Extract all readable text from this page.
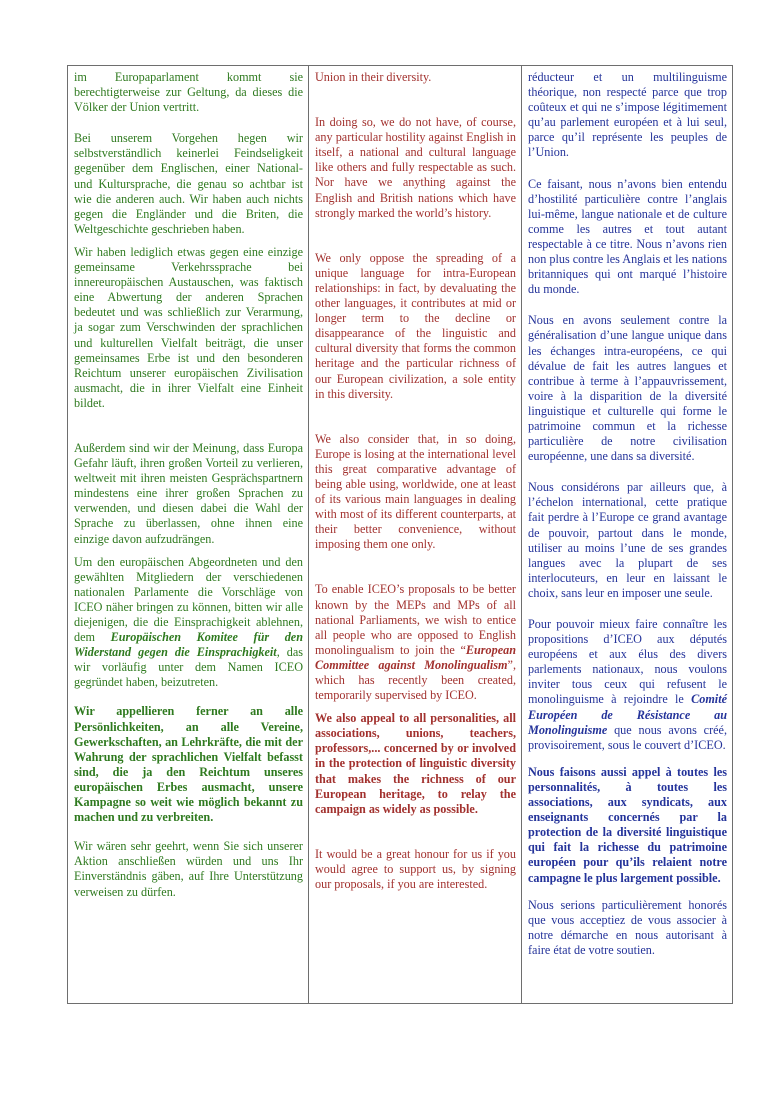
im Europaparlament kommt sie berechtigterweise zur Geltung, da dieses die Völker der Union vertritt.

Bei unserem Vorgehen hegen wir selbstverständlich keinerlei Feindseligkeit gegenüber dem Englischen, einer National- und Kultursprache, die genau so achtbar ist wie die anderen auch. Wir haben auch nichts gegen die Engländer und die Briten, die Weltgeschichte geschrieben haben.

Wir haben lediglich etwas gegen eine einzige gemeinsame Verkehrssprache bei innereuropäischen Austauschen, was faktisch eine Abwertung der anderen Sprachen bedeutet und was schließlich zur Verarmung, ja sogar zum Verschwinden der sprachlichen und kulturellen Vielfalt beiträgt, die unser gemeinsames Erbe ist und den besonderen Reichtum unserer europäischen Zivilisation ausmacht, die in ihrer Vielfalt eine Einheit bildet.

Außerdem sind wir der Meinung, dass Europa Gefahr läuft, ihren großen Vorteil zu verlieren, weltweit mit ihren meisten Gesprächspartnern mindestens eine ihrer großen Sprachen zu verwenden, und diesen dabei die Wahl der Sprache zu überlassen, ohne ihnen eine einzige davon aufzudrängen.

Um den europäischen Abgeordneten und den gewählten Mitgliedern der verschiedenen nationalen Parlamente die Vorschläge von ICEO näher bringen zu können, bitten wir alle diejenigen, die die Einsprachigkeit ablehnen, dem Europäischen Komitee für den Widerstand gegen die Einsprachigkeit, das wir vorläufig unter dem Namen ICEO gegründet haben, beizutreten.

Wir appellieren ferner an alle Persönlichkeiten, an alle Vereine, Gewerkschaften, an Lehrkräfte, die mit der Wahrung der sprachlichen Vielfalt befasst sind, die ja den Reichtum unseres europäischen Erbes ausmacht, unsere Kampagne so weit wie möglich bekannt zu machen und zu verbreiten.

Wir wären sehr geehrt, wenn Sie sich unserer Aktion anschließen würden und uns Ihr Einverständnis gäben, auf Ihre Unterstützung verweisen zu dürfen.

Union in their diversity.

In doing so, we do not have, of course, any particular hostility against English in itself, a national and cultural language like others and fully respectable as such. Nor have we anything against the English and British nations which have strongly marked the world’s history.

We only oppose the spreading of a unique language for intra-European relationships: in fact, by devaluating the other languages, it contributes at mid or longer term to the decline or disappearance of the linguistic and cultural diversity that forms the common heritage and the particular richness of our European civilization, a sole entity in this diversity.

We also consider that, in so doing, Europe is losing at the international level this great comparative advantage of being able using, worldwide, one at least of its various main languages in dealing with most of its different counterparts, at their better convenience, without imposing them one only.

To enable ICEO’s proposals to be better known by the MEPs and MPs of all national Parliaments, we wish to entice all people who are opposed to English monolingualism to join the “European Committee against Monolingualism”, which has recently been created, temporarily supervised by ICEO.

We also appeal to all personalities, all associations, unions, teachers, professors,... concerned by or involved in the protection of linguistic diversity that makes the richness of our European heritage, to relay the campaign as widely as possible.

It would be a great honour for us if you would agree to support us, by signing our proposals, if you are interested.

réducteur et un multilinguisme théorique, non respecté parce que trop coûteux et qui ne s’impose légitimement qu’au parlement européen et à lui seul, parce qu’il représente les peuples de l’Union.

Ce faisant, nous n’avons bien entendu d’hostilité particulière contre l’anglais lui-même, langue nationale et de culture comme les autres et tout autant respectable à ce titre. Nous n’avons rien non plus contre les Anglais et les nations britanniques qui ont marqué l’histoire du monde.

Nous en avons seulement contre la généralisation d’une langue unique dans les échanges intra-européens, ce qui dévalue de fait les autres langues et contribue à terme à l’appauvrissement, voire à la disparition de la diversité linguistique et culturelle qui forme le patrimoine commun et la richesse particulière de notre civilisation européenne, une dans sa diversité.

Nous considérons par ailleurs que, à l’échelon international, cette pratique fait perdre à l’Europe ce grand avantage de pouvoir, partout dans le monde, utiliser au moins l’une de ses grandes langues avec la plupart de ses interlocuteurs, en leur en laissant le choix, sans leur en imposer une seule.

Pour pouvoir mieux faire connaître les propositions d’ICEO aux députés européens et aux élus des divers parlements nationaux, nous voulons inviter tous ceux qui refusent le monolinguisme à rejoindre le Comité Européen de Résistance au Monolinguisme que nous avons créé, provisoirement, sous le couvert d’ICEO.

Nous faisons aussi appel à toutes les personnalités, à toutes les associations, aux syndicats, aux enseignants concernés par la protection de la diversité linguistique qui fait la richesse du patrimoine européen pour qu’ils relaient notre campagne le plus largement possible.

Nous serions particulièrement honorés que vous acceptiez de vous associer à notre démarche en nous autorisant à faire état de votre soutien.
